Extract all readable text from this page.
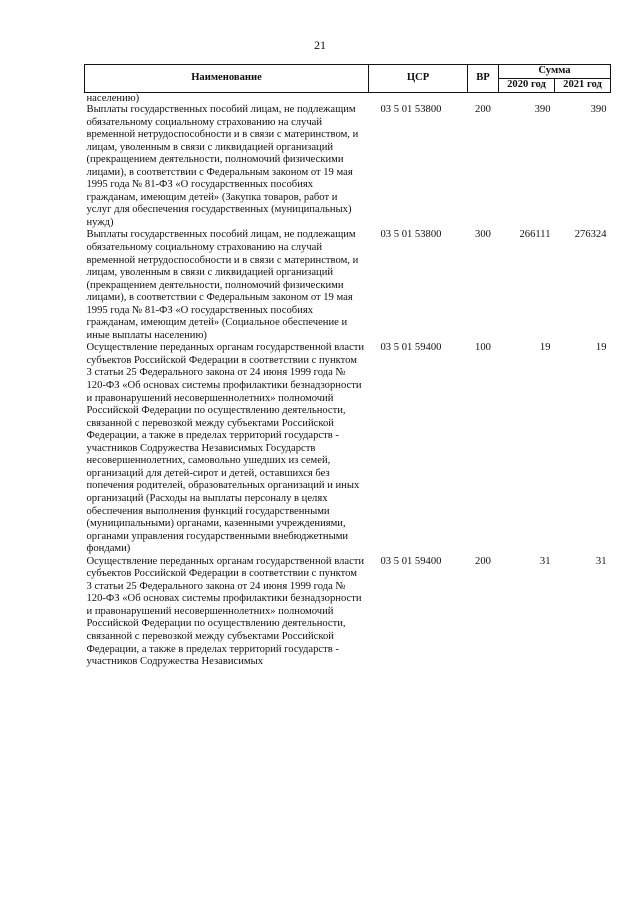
21
Наименование	ЦСР	ВР	Сумма	
			2020 год	2021 год
населению)				
Выплаты государственных пособий лицам, не подлежащим обязательному социальному страхованию на случай временной нетрудоспособности и в связи с материнством, и лицам, уволенным в связи с ликвидацией организаций (прекращением деятельности, полномочий физическими лицами), в соответствии с Федеральным законом от 19 мая 1995 года № 81-ФЗ «О государственных пособиях гражданам, имеющим детей» (Закупка товаров, работ и услуг для обеспечения государственных (муниципальных) нужд)	03 5 01 53800	200	390	390
Выплаты государственных пособий лицам, не подлежащим обязательному социальному страхованию на случай временной нетрудоспособности и в связи с материнством, и лицам, уволенным в связи с ликвидацией организаций (прекращением деятельности, полномочий физическими лицами), в соответствии с Федеральным законом от 19 мая 1995 года № 81-ФЗ «О государственных пособиях гражданам, имеющим детей» (Социальное обеспечение и иные выплаты населению)	03 5 01 53800	300	266111	276324
Осуществление переданных органам государственной власти субъектов Российской Федерации в соответствии с пунктом 3 статьи 25 Федерального закона от 24 июня 1999 года № 120-ФЗ «Об основах системы профилактики безнадзорности и правонарушений несовершеннолетних» полномочий Российской Федерации по осуществлению деятельности, связанной с перевозкой между субъектами Российской Федерации, а также в пределах территорий государств - участников Содружества Независимых Государств несовершеннолетних, самовольно ушедших из семей, организаций для детей-сирот и детей, оставшихся без попечения родителей, образовательных организаций и иных организаций (Расходы на выплаты персоналу в целях обеспечения выполнения функций государственными (муниципальными) органами, казенными учреждениями, органами управления государственными внебюджетными фондами)	03 5 01 59400	100	19	19
Осуществление переданных органам государственной власти субъектов Российской Федерации в соответствии с пунктом 3 статьи 25 Федерального закона от 24 июня 1999 года № 120-ФЗ «Об основах системы профилактики безнадзорности и правонарушений несовершеннолетних» полномочий Российской Федерации по осуществлению деятельности, связанной с перевозкой между субъектами Российской Федерации, а также в пределах территорий государств - участников Содружества Независимых	03 5 01 59400	200	31	31
